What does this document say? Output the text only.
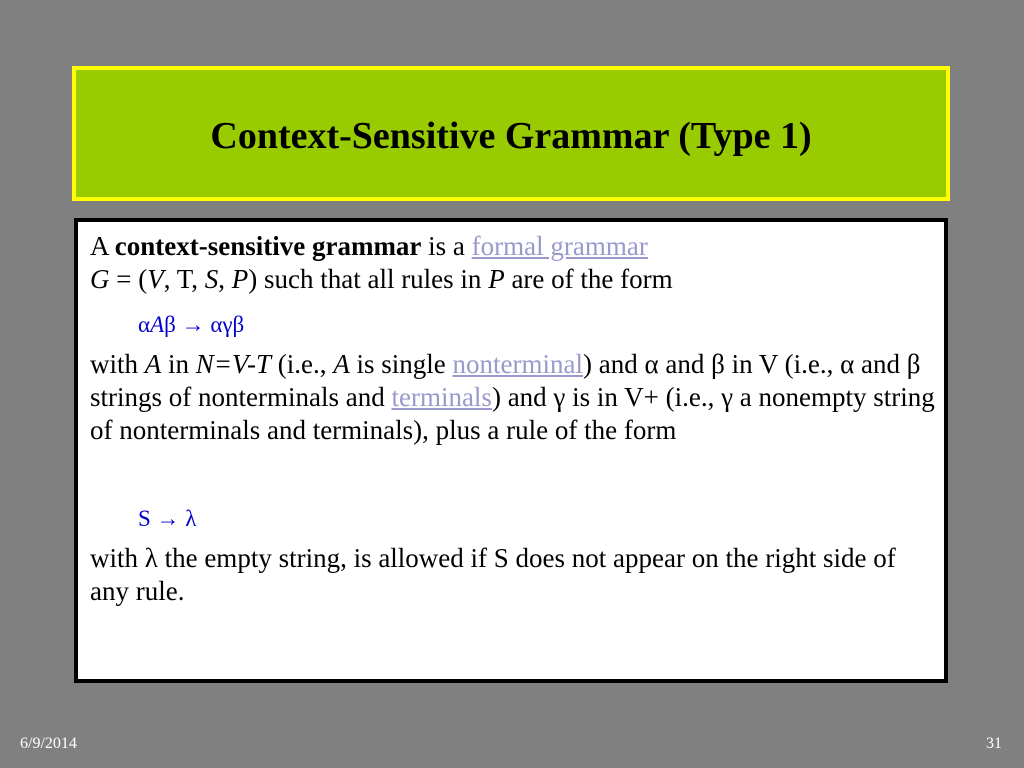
Context-Sensitive Grammar (Type 1)
A context-sensitive grammar is a formal grammar
G = (V, T, S, P) such that all rules in P are of the form
αAβ → αγβ
with A in N=V-T (i.e., A is single nonterminal) and α and β in V (i.e., α and β strings of nonterminals and terminals) and γ is in V+ (i.e., γ a nonempty string of nonterminals and terminals), plus a rule of the form
S → λ
with λ the empty string, is allowed if S does not appear on the right side of any rule.
6/9/2014	31
